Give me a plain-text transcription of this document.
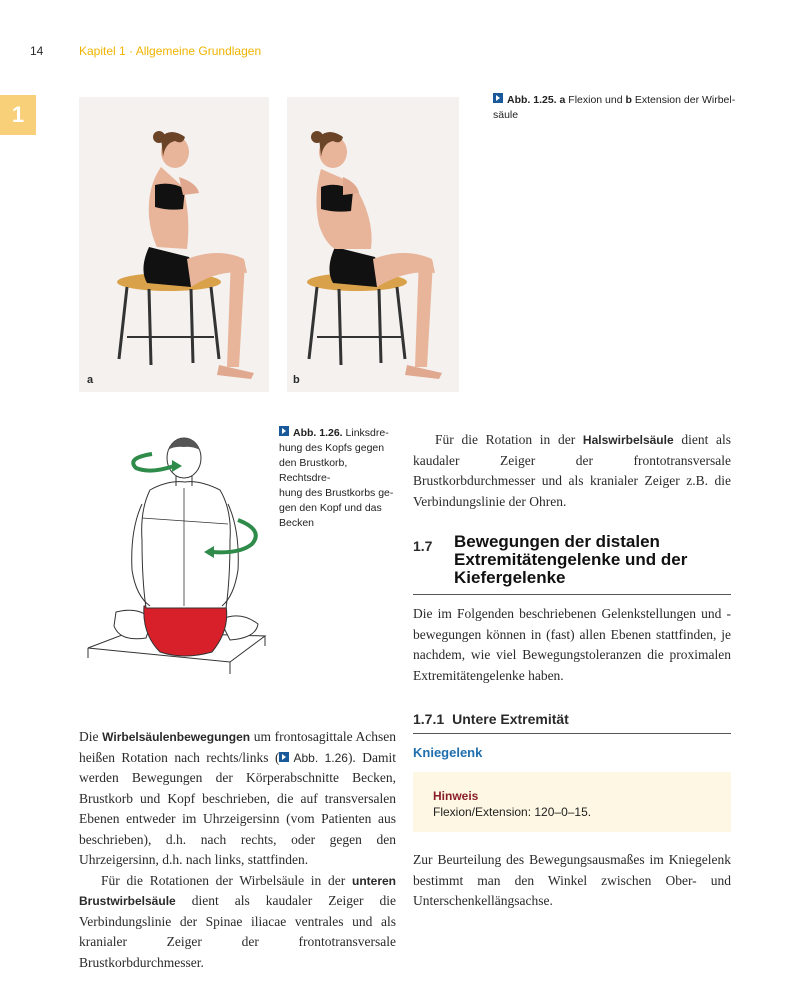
14	Kapitel 1 · Allgemeine Grundlagen
1
a	b
Abb. 1.25. a Flexion und b Extension der Wirbel-
säule
Abb. 1.26. Linksdre-
hung des Kopfs gegen
den Brustkorb, Rechtsdre-
hung des Brustkorbs ge-
gen den Kopf und das
Becken

Für die Rotation in der Halswirbelsäule dient als kaudaler Zeiger der frontotransversale Brustkorbdurchmesser und als kranialer Zeiger z.B. die Verbindungslinie der Ohren.

1.7 Bewegungen der distalen Extremitätengelenke und der Kiefergelenke

Die im Folgenden beschriebenen Gelenkstellungen und -bewegungen können in (fast) allen Ebenen stattfinden, je nachdem, wie viel Bewegungstoleranzen die proximalen Extremitätengelenke haben.

1.7.1 Untere Extremität
Kniegelenk
Hinweis
Flexion/Extension: 120–0–15.

Zur Beurteilung des Bewegungsausmaßes im Kniegelenk bestimmt man den Winkel zwischen Ober- und Unterschenkellängsachse.

Die Wirbelsäulenbewegungen um frontosagittale Achsen heißen Rotation nach rechts/links ( Abb. 1.26). Damit werden Bewegungen der Körperabschnitte Becken, Brustkorb und Kopf beschrieben, die auf transversalen Ebenen entweder im Uhrzeigersinn (vom Patienten aus beschrieben), d.h. nach rechts, oder gegen den Uhrzeigersinn, d.h. nach links, stattfinden.

Für die Rotationen der Wirbelsäule in der unteren Brustwirbelsäule dient als kaudaler Zeiger die Verbindungslinie der Spinae iliacae ventrales und als kranialer Zeiger der frontotransversale Brustkorbdurchmesser.
